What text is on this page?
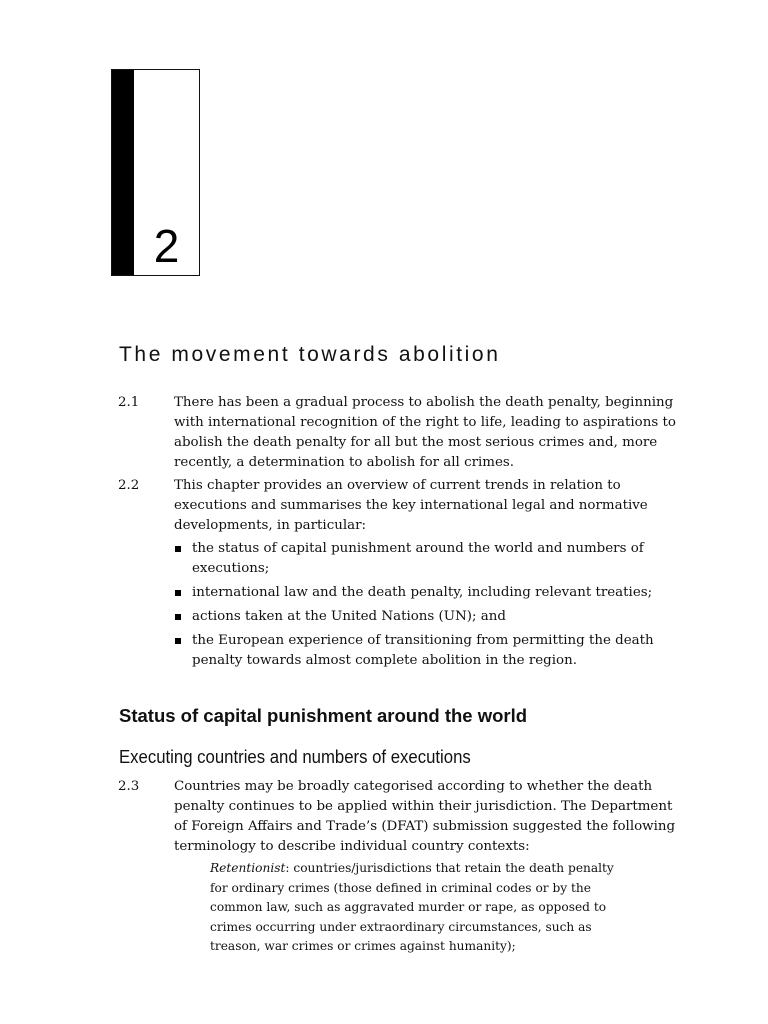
2
The movement towards abolition
2.1	There has been a gradual process to abolish the death penalty, beginning with international recognition of the right to life, leading to aspirations to abolish the death penalty for all but the most serious crimes and, more recently, a determination to abolish for all crimes.
2.2	This chapter provides an overview of current trends in relation to executions and summarises the key international legal and normative developments, in particular:
the status of capital punishment around the world and numbers of executions;
international law and the death penalty, including relevant treaties;
actions taken at the United Nations (UN); and
the European experience of transitioning from permitting the death penalty towards almost complete abolition in the region.
Status of capital punishment around the world
Executing countries and numbers of executions
2.3	Countries may be broadly categorised according to whether the death penalty continues to be applied within their jurisdiction. The Department of Foreign Affairs and Trade’s (DFAT) submission suggested the following terminology to describe individual country contexts:
Retentionist: countries/jurisdictions that retain the death penalty for ordinary crimes (those defined in criminal codes or by the common law, such as aggravated murder or rape, as opposed to crimes occurring under extraordinary circumstances, such as treason, war crimes or crimes against humanity);
